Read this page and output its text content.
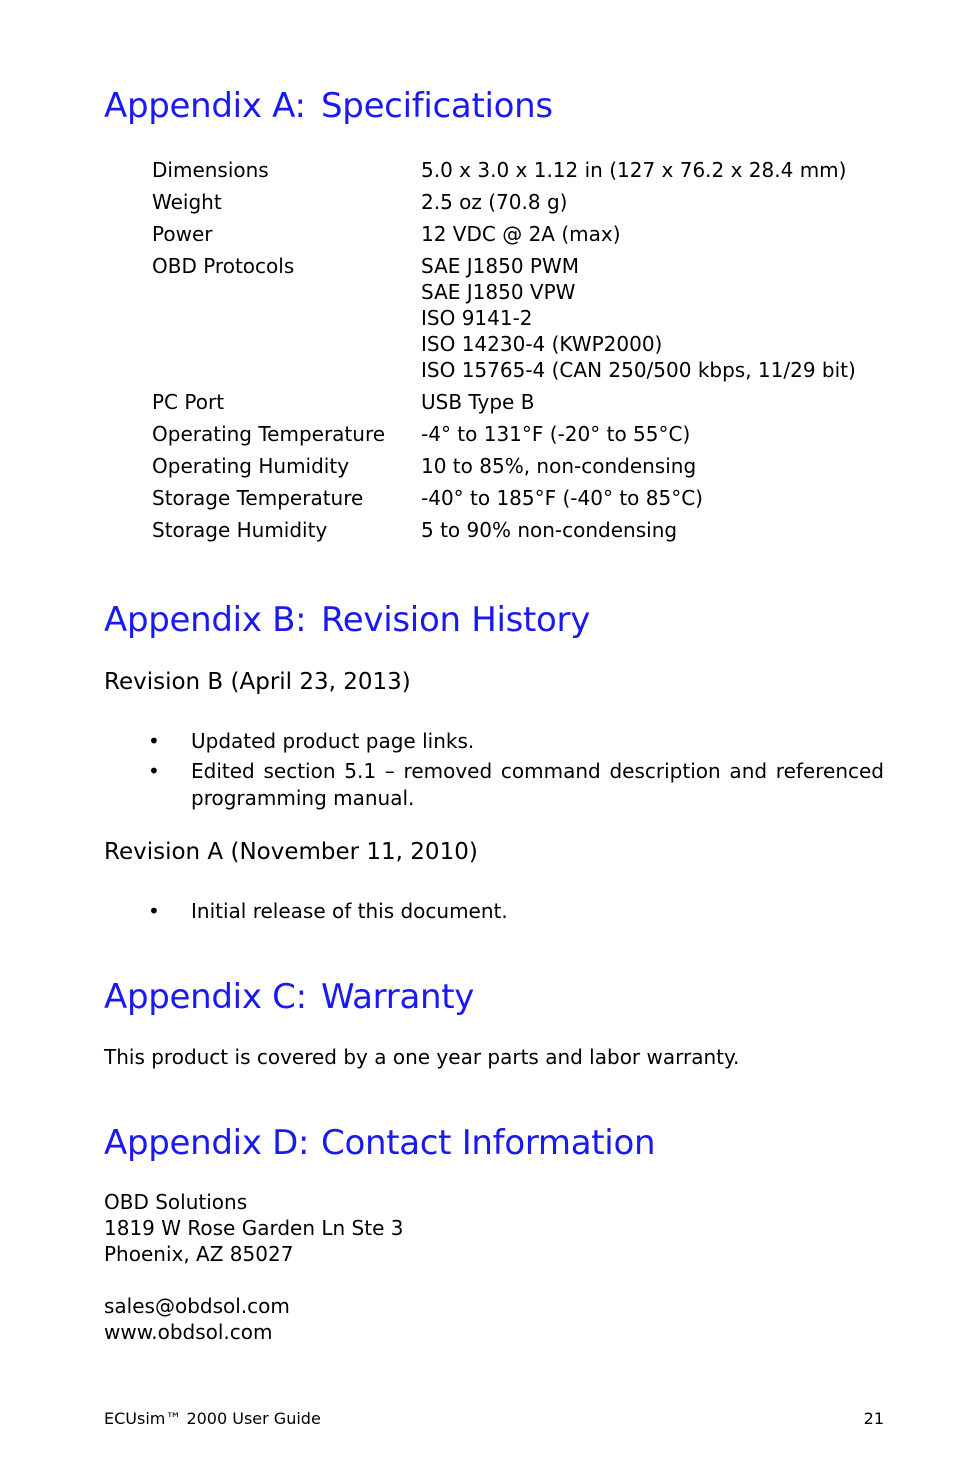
Appendix A: Specifications
Dimensions	5.0 x 3.0 x 1.12 in (127 x 76.2 x 28.4 mm)
Weight	2.5 oz (70.8 g)
Power	12 VDC @ 2A (max)
OBD Protocols	SAE J1850 PWM
SAE J1850 VPW
ISO 9141-2
ISO 14230-4 (KWP2000)
ISO 15765-4 (CAN 250/500 kbps, 11/29 bit)
PC Port	USB Type B
Operating Temperature	-4° to 131°F (-20° to 55°C)
Operating Humidity	10 to 85%, non-condensing
Storage Temperature	-40° to 185°F (-40° to 85°C)
Storage Humidity	5 to 90% non-condensing
Appendix B: Revision History
Revision B (April 23, 2013)
• Updated product page links.
• Edited section 5.1 – removed command description and referenced programming manual.
Revision A (November 11, 2010)
• Initial release of this document.
Appendix C: Warranty

This product is covered by a one year parts and labor warranty.

Appendix D: Contact Information
OBD Solutions
1819 W Rose Garden Ln Ste 3
Phoenix, AZ 85027
sales@obdsol.com
www.obdsol.com
ECUsim™ 2000 User Guide	21
